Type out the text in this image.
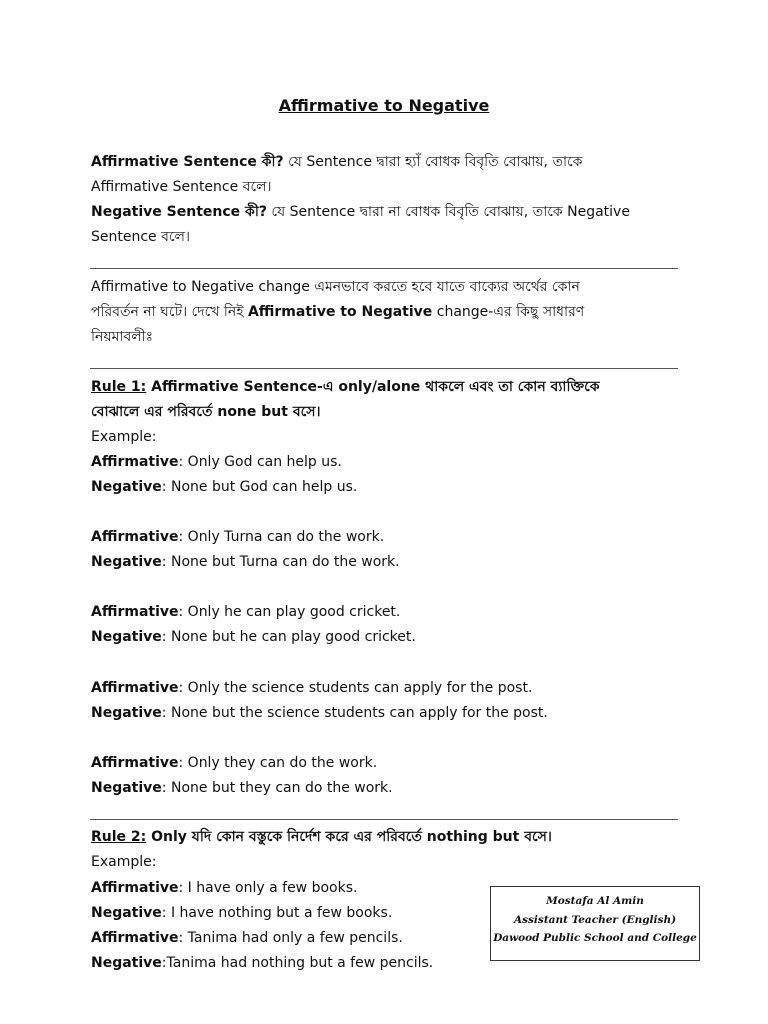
Affirmative to Negative
Affirmative Sentence কী? যে Sentence দ্বারা হ্যাঁ বোধক বিবৃতি বোঝায়, তাকে
Affirmative Sentence বলে।
Negative Sentence কী? যে Sentence দ্বারা না বোধক বিবৃতি বোঝায়, তাকে Negative
Sentence বলে।
Affirmative to Negative change এমনভাবে করতে হবে যাতে বাক্যের অর্থের কোন
পরিবর্তন না ঘটে। দেখে নিই Affirmative to Negative change-এর কিছু সাধারণ
নিয়মাবলীঃ
Rule 1: Affirmative Sentence-এ only/alone থাকলে এবং তা কোন ব্যাক্তিকে
বোঝালে এর পরিবর্তে none but বসে।
Example:
Affirmative: Only God can help us.
Negative: None but God can help us.
Affirmative: Only Turna can do the work.
Negative: None but Turna can do the work.
Affirmative: Only he can play good cricket.
Negative: None but he can play good cricket.
Affirmative: Only the science students can apply for the post.
Negative: None but the science students can apply for the post.
Affirmative: Only they can do the work.
Negative: None but they can do the work.
Rule 2: Only যদি কোন বস্তুকে নির্দেশ করে এর পরিবর্তে nothing but বসে।
Example:
Affirmative: I have only a few books.
Negative: I have nothing but a few books.
Affirmative: Tanima had only a few pencils.
Negative:Tanima had nothing but a few pencils.
Mostafa Al Amin
Assistant Teacher (English)
Dawood Public School and College
